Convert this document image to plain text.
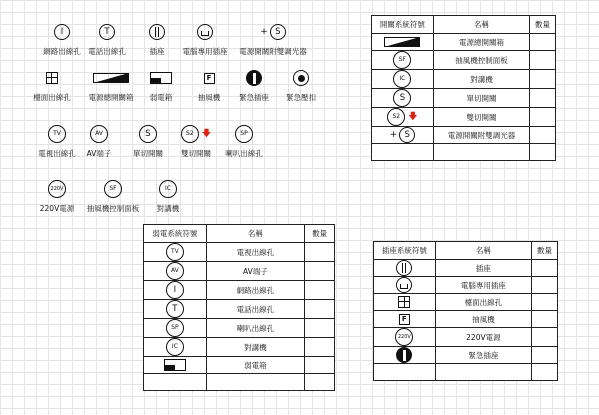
I
網路出線孔
T
電話出線孔	插座 電腦專用插座
+ S
電源開關附雙調光器
檯面出線孔 電源總開關箱 弱電箱
F
抽風機	緊急插座 緊急壓扣
TV
電視出線孔
AV
AV端子
S
單切開關
S2 🡇
雙切開關
SP
喇叭出線孔
220V
220V電源
SF
抽風機控制面板
IC
對講機
開關系統符號	名稱	數量

	電源總開關箱	

SF	抽風機控制面板	

IC	對講機	

S	單切開關	

S2 🡇	雙切開關	

+ S	電源開關附雙調光器	

弱電系統符號	名稱	數量

TV	電視出線孔	

AV	AV端子	

I	網路出線孔	

T	電話出線孔	

SP	喇叭出線孔	

IC	對講機	

	弱電箱	

插座系統符號	名稱	數量

	插座	

	電腦專用插座	

	檯面出線孔	

F	抽風機	

220V	220V電源	

	緊急插座	
